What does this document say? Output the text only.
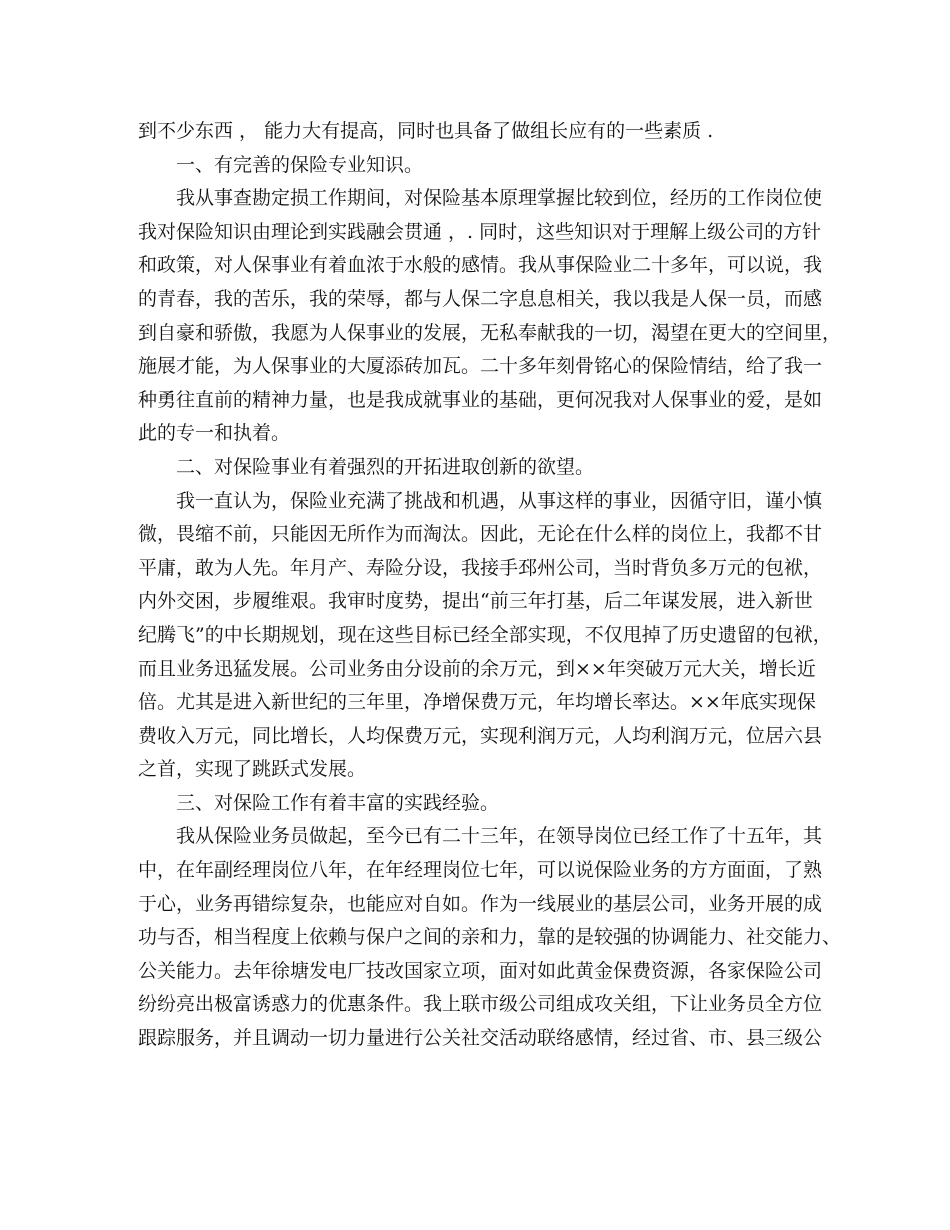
到不少东西 ， 能力大有提高，同时也具备了做组长应有的一些素质 .
一、有完善的保险专业知识。
我从事查勘定损工作期间，对保险基本原理掌握比较到位，经历的工作岗位使
我对保险知识由理论到实践融会贯通 ，. 同时，这些知识对于理解上级公司的方针
和政策，对人保事业有着血浓于水般的感情。我从事保险业二十多年，可以说，我
的青春，我的苦乐，我的荣辱，都与人保二字息息相关，我以我是人保一员，而感
到自豪和骄傲，我愿为人保事业的发展，无私奉献我的一切，渴望在更大的空间里，
施展才能，为人保事业的大厦添砖加瓦。二十多年刻骨铭心的保险情结，给了我一
种勇往直前的精神力量，也是我成就事业的基础，更何况我对人保事业的爱，是如
此的专一和执着。
二、对保险事业有着强烈的开拓进取创新的欲望。
我一直认为，保险业充满了挑战和机遇，从事这样的事业，因循守旧，谨小慎
微，畏缩不前，只能因无所作为而淘汰。因此，无论在什么样的岗位上，我都不甘
平庸，敢为人先。年月产、寿险分设，我接手邳州公司，当时背负多万元的包袱，
内外交困，步履维艰。我审时度势，提出“前三年打基，后二年谋发展，进入新世
纪腾飞”的中长期规划，现在这些目标已经全部实现，不仅甩掉了历史遗留的包袱，
而且业务迅猛发展。公司业务由分设前的余万元，到××年突破万元大关，增长近
倍。尤其是进入新世纪的三年里，净增保费万元，年均增长率达。××年底实现保
费收入万元，同比增长，人均保费万元，实现利润万元，人均利润万元，位居六县
之首，实现了跳跃式发展。
三、对保险工作有着丰富的实践经验。
我从保险业务员做起，至今已有二十三年，在领导岗位已经工作了十五年，其
中，在年副经理岗位八年，在年经理岗位七年，可以说保险业务的方方面面，了熟
于心，业务再错综复杂，也能应对自如。作为一线展业的基层公司，业务开展的成
功与否，相当程度上依赖与保户之间的亲和力，靠的是较强的协调能力、社交能力、
公关能力。去年徐塘发电厂技改国家立项，面对如此黄金保费资源，各家保险公司
纷纷亮出极富诱惑力的优惠条件。我上联市级公司组成攻关组，下让业务员全方位
跟踪服务，并且调动一切力量进行公关社交活动联络感情，经过省、市、县三级公
